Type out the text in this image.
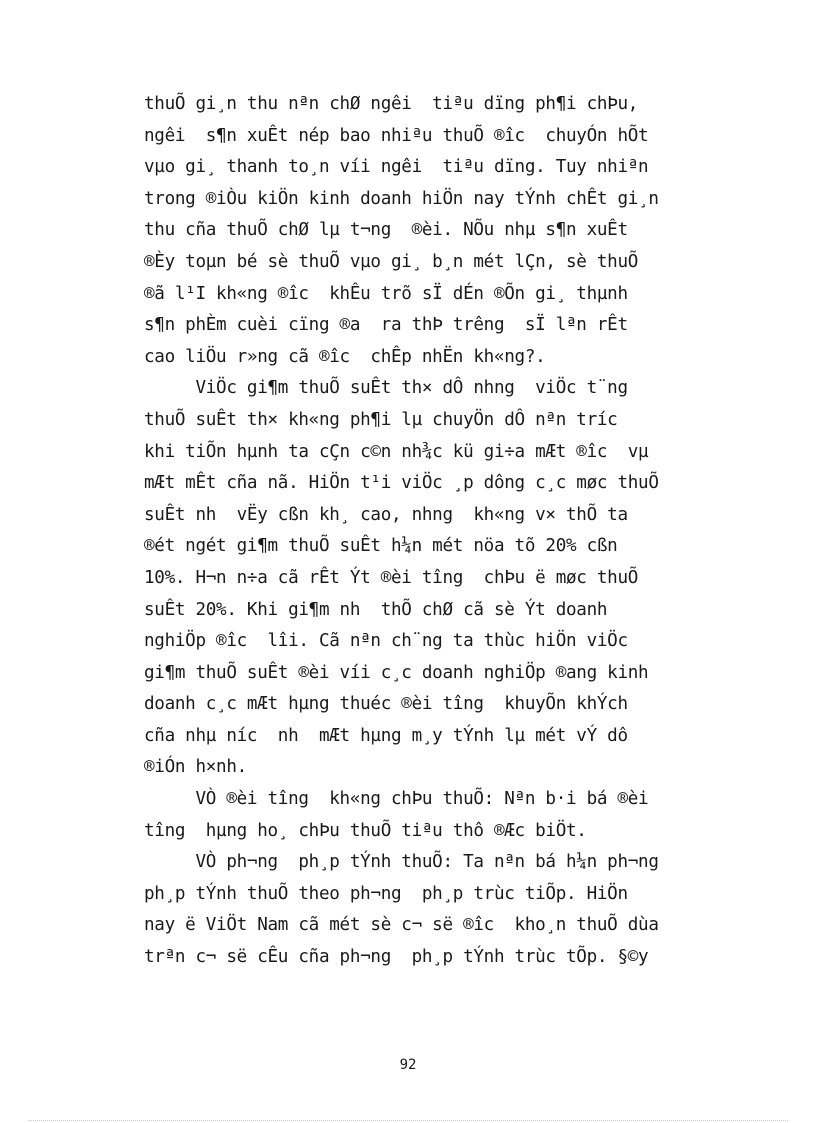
thuÕ gi¸n thu nªn chØ ngêi  tiªu dïng ph¶i chÞu,
ngêi  s¶n xuÊt nép bao nhiªu thuÕ ®îc  chuyÓn hÕt
vµo gi¸ thanh to¸n víi ngêi  tiªu dïng. Tuy nhiªn
trong ®iÒu kiÖn kinh doanh hiÖn nay tÝnh chÊt gi¸n
thu cña thuÕ chØ lµ t¬ng  ®èi. NÕu nhµ s¶n xuÊt
®Èy toµn bé sè thuÕ vµo gi¸ b¸n mét lÇn, sè thuÕ
®ã l¹I kh«ng ®îc  khÊu trõ sÏ dÉn ®Õn gi¸ thµnh
s¶n phÈm cuèi cïng ®a  ra thÞ trêng  sÏ lªn rÊt
cao liÖu r»ng cã ®îc  chÊp nhËn kh«ng?.
ViÖc gi¶m thuÕ suÊt th× dÔ nhng  viÖc t¨ng
thuÕ suÊt th× kh«ng ph¶i lµ chuyÖn dÔ nªn tríc
khi tiÕn hµnh ta cÇn c©n nh¾c kü gi÷a mÆt ®îc  vµ
mÆt mÊt cña nã. HiÖn t¹i viÖc ¸p dông c¸c møc thuÕ
suÊt nh  vËy cßn kh¸ cao, nhng  kh«ng v× thÕ ta
®ét ngét gi¶m thuÕ suÊt h¼n mét nöa tõ 20% cßn
10%. H¬n n÷a cã rÊt Ýt ®èi tîng  chÞu ë møc thuÕ
suÊt 20%. Khi gi¶m nh  thÕ chØ cã sè Ýt doanh
nghiÖp ®îc  lîi. Cã nªn ch¨ng ta thùc hiÖn viÖc
gi¶m thuÕ suÊt ®èi víi c¸c doanh nghiÖp ®ang kinh
doanh c¸c mÆt hµng thuéc ®èi tîng  khuyÕn khÝch
cña nhµ níc  nh  mÆt hµng m¸y tÝnh lµ mét vÝ dô
®iÓn h×nh.
VÒ ®èi tîng  kh«ng chÞu thuÕ: Nªn b·i bá ®èi
tîng  hµng ho¸ chÞu thuÕ tiªu thô ®Æc biÖt.
VÒ ph¬ng  ph¸p tÝnh thuÕ: Ta nªn bá h¼n ph¬ng
ph¸p tÝnh thuÕ theo ph¬ng  ph¸p trùc tiÕp. HiÖn
nay ë ViÖt Nam cã mét sè c¬ së ®îc  kho¸n thuÕ dùa
trªn c¬ së cÊu cña ph¬ng  ph¸p tÝnh trùc tÕp. §©y
92
